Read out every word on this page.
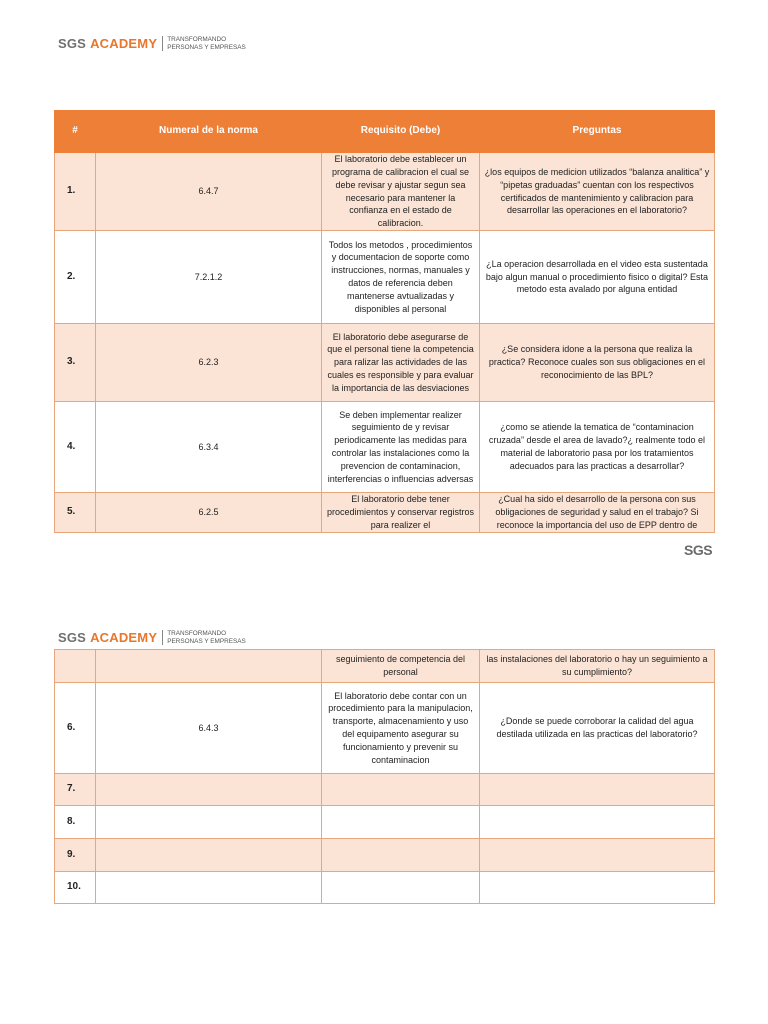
SGS ACADEMY	TRANSFORMANDO
PERSONAS Y EMPRESAS
#	Numeral de la norma	Requisito (Debe)	Preguntas
1.	6.4.7	El laboratorio debe establecer un programa de calibracion el cual se debe revisar y ajustar segun sea necesario para mantener la confianza en el estado de calibracion.	¿los equipos de medicion utilizados “balanza analitica” y “pipetas graduadas” cuentan con los respectivos certificados de mantenimiento y calibracion para desarrollar las operaciones en el laboratorio?
2.	7.2.1.2	Todos los metodos , procedimientos y documentacion de soporte como instrucciones, normas, manuales y datos de referencia deben mantenerse avtualizadas y disponibles al personal	¿La operacion desarrollada en el video esta sustentada bajo algun manual o procedimiento fisico o digital? Esta metodo esta avalado por alguna entidad
3.	6.2.3	El laboratorio debe asegurarse de que el personal tiene la competencia para ralizar las actividades de las cuales es responsible y para evaluar la importancia de las desviaciones	¿Se considera idone a la persona que realiza la practica? Reconoce cuales son sus obligaciones en el reconocimiento de las BPL?
4.	6.3.4	Se deben implementar realizer seguimiento de y revisar periodicamente las medidas para controlar las instalaciones como la prevencion de contaminacion, interferencias o influencias adversas	¿como se atiende la tematica de “contaminacion cruzada” desde el area de lavado?¿ realmente todo el material de laboratorio pasa por los tratamientos adecuados para las practicas a desarrollar?
5.	6.2.5	El laboratorio debe tener procedimientos y conservar registros para realizer el	¿Cual ha sido el desarrollo de la persona con sus obligaciones de seguridad y salud en el trabajo? Si reconoce la importancia del uso de EPP dentro de
SGS
SGS ACADEMY	TRANSFORMANDO
PERSONAS Y EMPRESAS
		seguimiento de competencia del personal	las instalaciones del laboratorio o hay un seguimiento a su cumplimiento?
6.	6.4.3	El laboratorio debe contar con un procedimiento para la manipulacion, transporte, almacenamiento y uso del equipamento asegurar su funcionamiento y prevenir su contaminacion	¿Donde se puede corroborar la calidad del agua destilada utilizada en las practicas del laboratorio?
7.			
8.			
9.			
10.			
